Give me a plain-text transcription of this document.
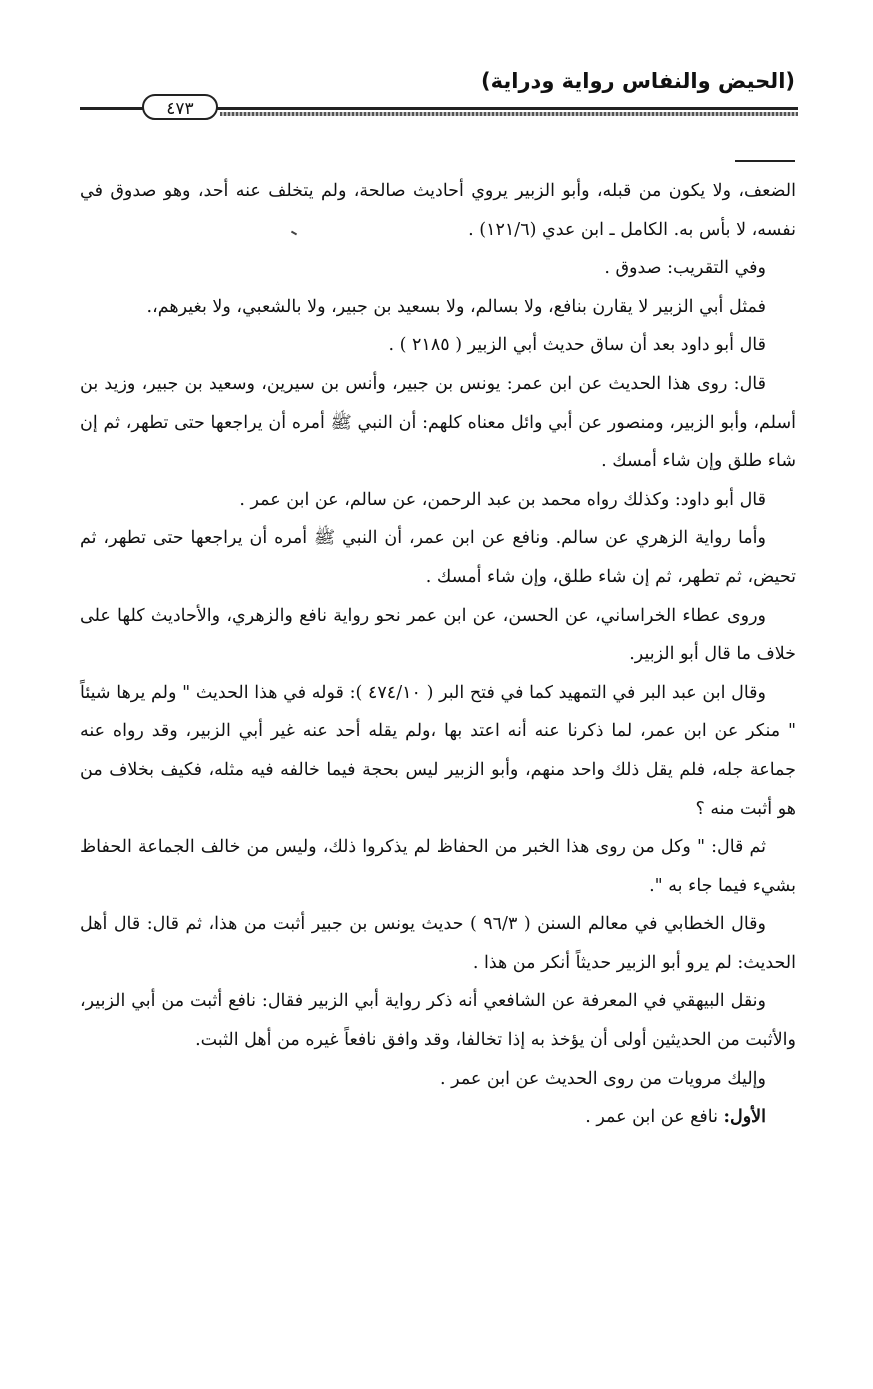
(الحيض والنفاس رواية ودراية)
٤٧٣

الضعف، ولا يكون من قبله، وأبو الزبير يروي أحاديث صالحة، ولم يتخلف عنه أحد، وهو صدوق في نفسه، لا بأس به. الكامل ـ ابن عدي (١٢١/٦) .

وفي التقريب: صدوق .

فمثل أبي الزبير لا يقارن بنافع، ولا بسالم، ولا بسعيد بن جبير، ولا بالشعبي، ولا بغيرهم،.

قال أبو داود بعد أن ساق حديث أبي الزبير ( ٢١٨٥ ) .

قال: روى هذا الحديث عن ابن عمر: يونس بن جبير، وأنس بن سيرين، وسعيد بن جبير، وزيد بن أسلم، وأبو الزبير، ومنصور عن أبي وائل معناه كلهم: أن النبي ﷺ أمره أن يراجعها حتى تطهر، ثم إن شاء طلق وإن شاء أمسك .

قال أبو داود: وكذلك رواه محمد بن عبد الرحمن، عن سالم، عن ابن عمر .

وأما رواية الزهري عن سالم. ونافع عن ابن عمر، أن النبي ﷺ أمره أن يراجعها حتى تطهر، ثم تحيض، ثم تطهر، ثم إن شاء طلق، وإن شاء أمسك .

وروى عطاء الخراساني، عن الحسن، عن ابن عمر نحو رواية نافع والزهري، والأحاديث كلها على خلاف ما قال أبو الزبير.

وقال ابن عبد البر في التمهيد كما في فتح البر ( ٤٧٤/١٠ ): قوله في هذا الحديث " ولم يرها شيئاً " منكر عن ابن عمر، لما ذكرنا عنه أنه اعتد بها ،ولم يقله أحد عنه غير أبي الزبير، وقد رواه عنه جماعة جله، فلم يقل ذلك واحد منهم، وأبو الزبير ليس بحجة فيما خالفه فيه مثله، فكيف بخلاف من هو أثبت منه ؟

ثم قال: " وكل من روى هذا الخبر من الحفاظ لم يذكروا ذلك، وليس من خالف الجماعة الحفاظ بشيء فيما جاء به ".

وقال الخطابي في معالم السنن ( ٩٦/٣ ) حديث يونس بن جبير أثبت من هذا، ثم قال: قال أهل الحديث: لم يرو أبو الزبير حديثاً أنكر من هذا .

ونقل البيهقي في المعرفة عن الشافعي أنه ذكر رواية أبي الزبير فقال: نافع أثبت من أبي الزبير، والأثبت من الحديثين أولى أن يؤخذ به إذا تخالفا، وقد وافق نافعاً غيره من أهل الثبت.

وإليك مرويات من روى الحديث عن ابن عمر .

الأول: نافع عن ابن عمر .
